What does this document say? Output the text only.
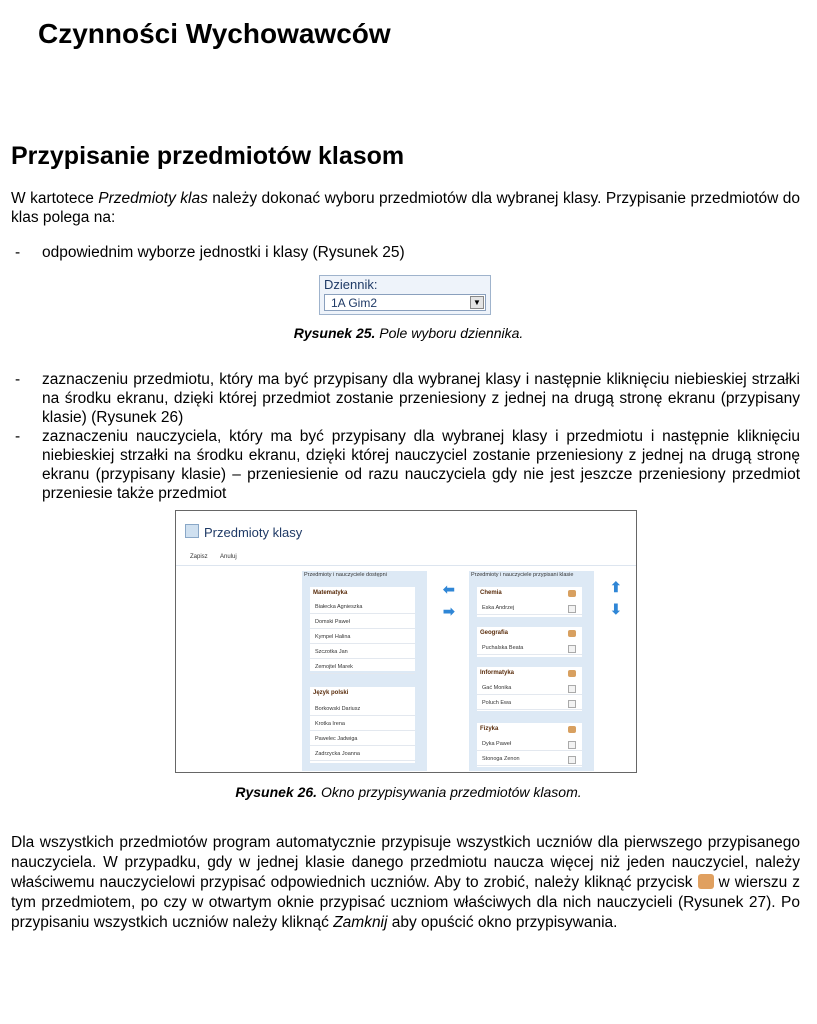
Czynności Wychowawców
Przypisanie przedmiotów klasom
W kartotece Przedmioty klas należy dokonać wyboru przedmiotów dla wybranej klasy. Przypisanie przedmiotów do klas polega na:
- odpowiednim wyborze jednostki i klasy (Rysunek 25)
Dziennik:
1A Gim2	▼
Rysunek 25. Pole wyboru dziennika.
- zaznaczeniu przedmiotu, który ma być przypisany dla wybranej klasy i następnie kliknięciu niebieskiej strzałki na środku ekranu, dzięki której przedmiot zostanie przeniesiony z jednej na drugą stronę ekranu (przypisany klasie) (Rysunek 26)
- zaznaczeniu nauczyciela, który ma być przypisany dla wybranej klasy i przedmiotu i następnie kliknięciu niebieskiej strzałki na środku ekranu, dzięki której nauczyciel zostanie przeniesiony z jednej na drugą stronę ekranu (przypisany klasie) – przeniesienie od razu nauczyciela gdy nie jest jeszcze przeniesiony przedmiot przeniesie także przedmiot
Przedmioty klasy
Zapisz Anuluj
Przedmioty i nauczyciele dostępni
Matematyka
Białecka Agnieszka
Domski Paweł
Kympel Halina
Szczotka Jan
Zemojtel Marek
Język polski
Borkowski Dariusz
Krotka Irena
Pawelec Jadwiga
Zadrzycka Joanna
⬅
➡
Przedmioty i nauczyciele przypisani klasie
Chemia
Eska Andrzej
Geografia
Puchalska Beata
Informatyka
Gać Monika
Poluch Ewa
Fizyka
Dyka Paweł
Stonoga Zenon
⬆
⬇
Rysunek 26. Okno przypisywania przedmiotów klasom.
Dla wszystkich przedmiotów program automatycznie przypisuje wszystkich uczniów dla pierwszego przypisanego nauczyciela. W przypadku, gdy w jednej klasie danego przedmiotu naucza więcej niż jeden nauczyciel, należy właściwemu nauczycielowi przypisać odpowiednich uczniów. Aby to zrobić, należy kliknąć przycisk  w wierszu z tym przedmiotem, po czy w otwartym oknie przypisać uczniom właściwych dla nich nauczycieli (Rysunek 27). Po przypisaniu wszystkich uczniów należy kliknąć Zamknij aby opuścić okno przypisywania.
